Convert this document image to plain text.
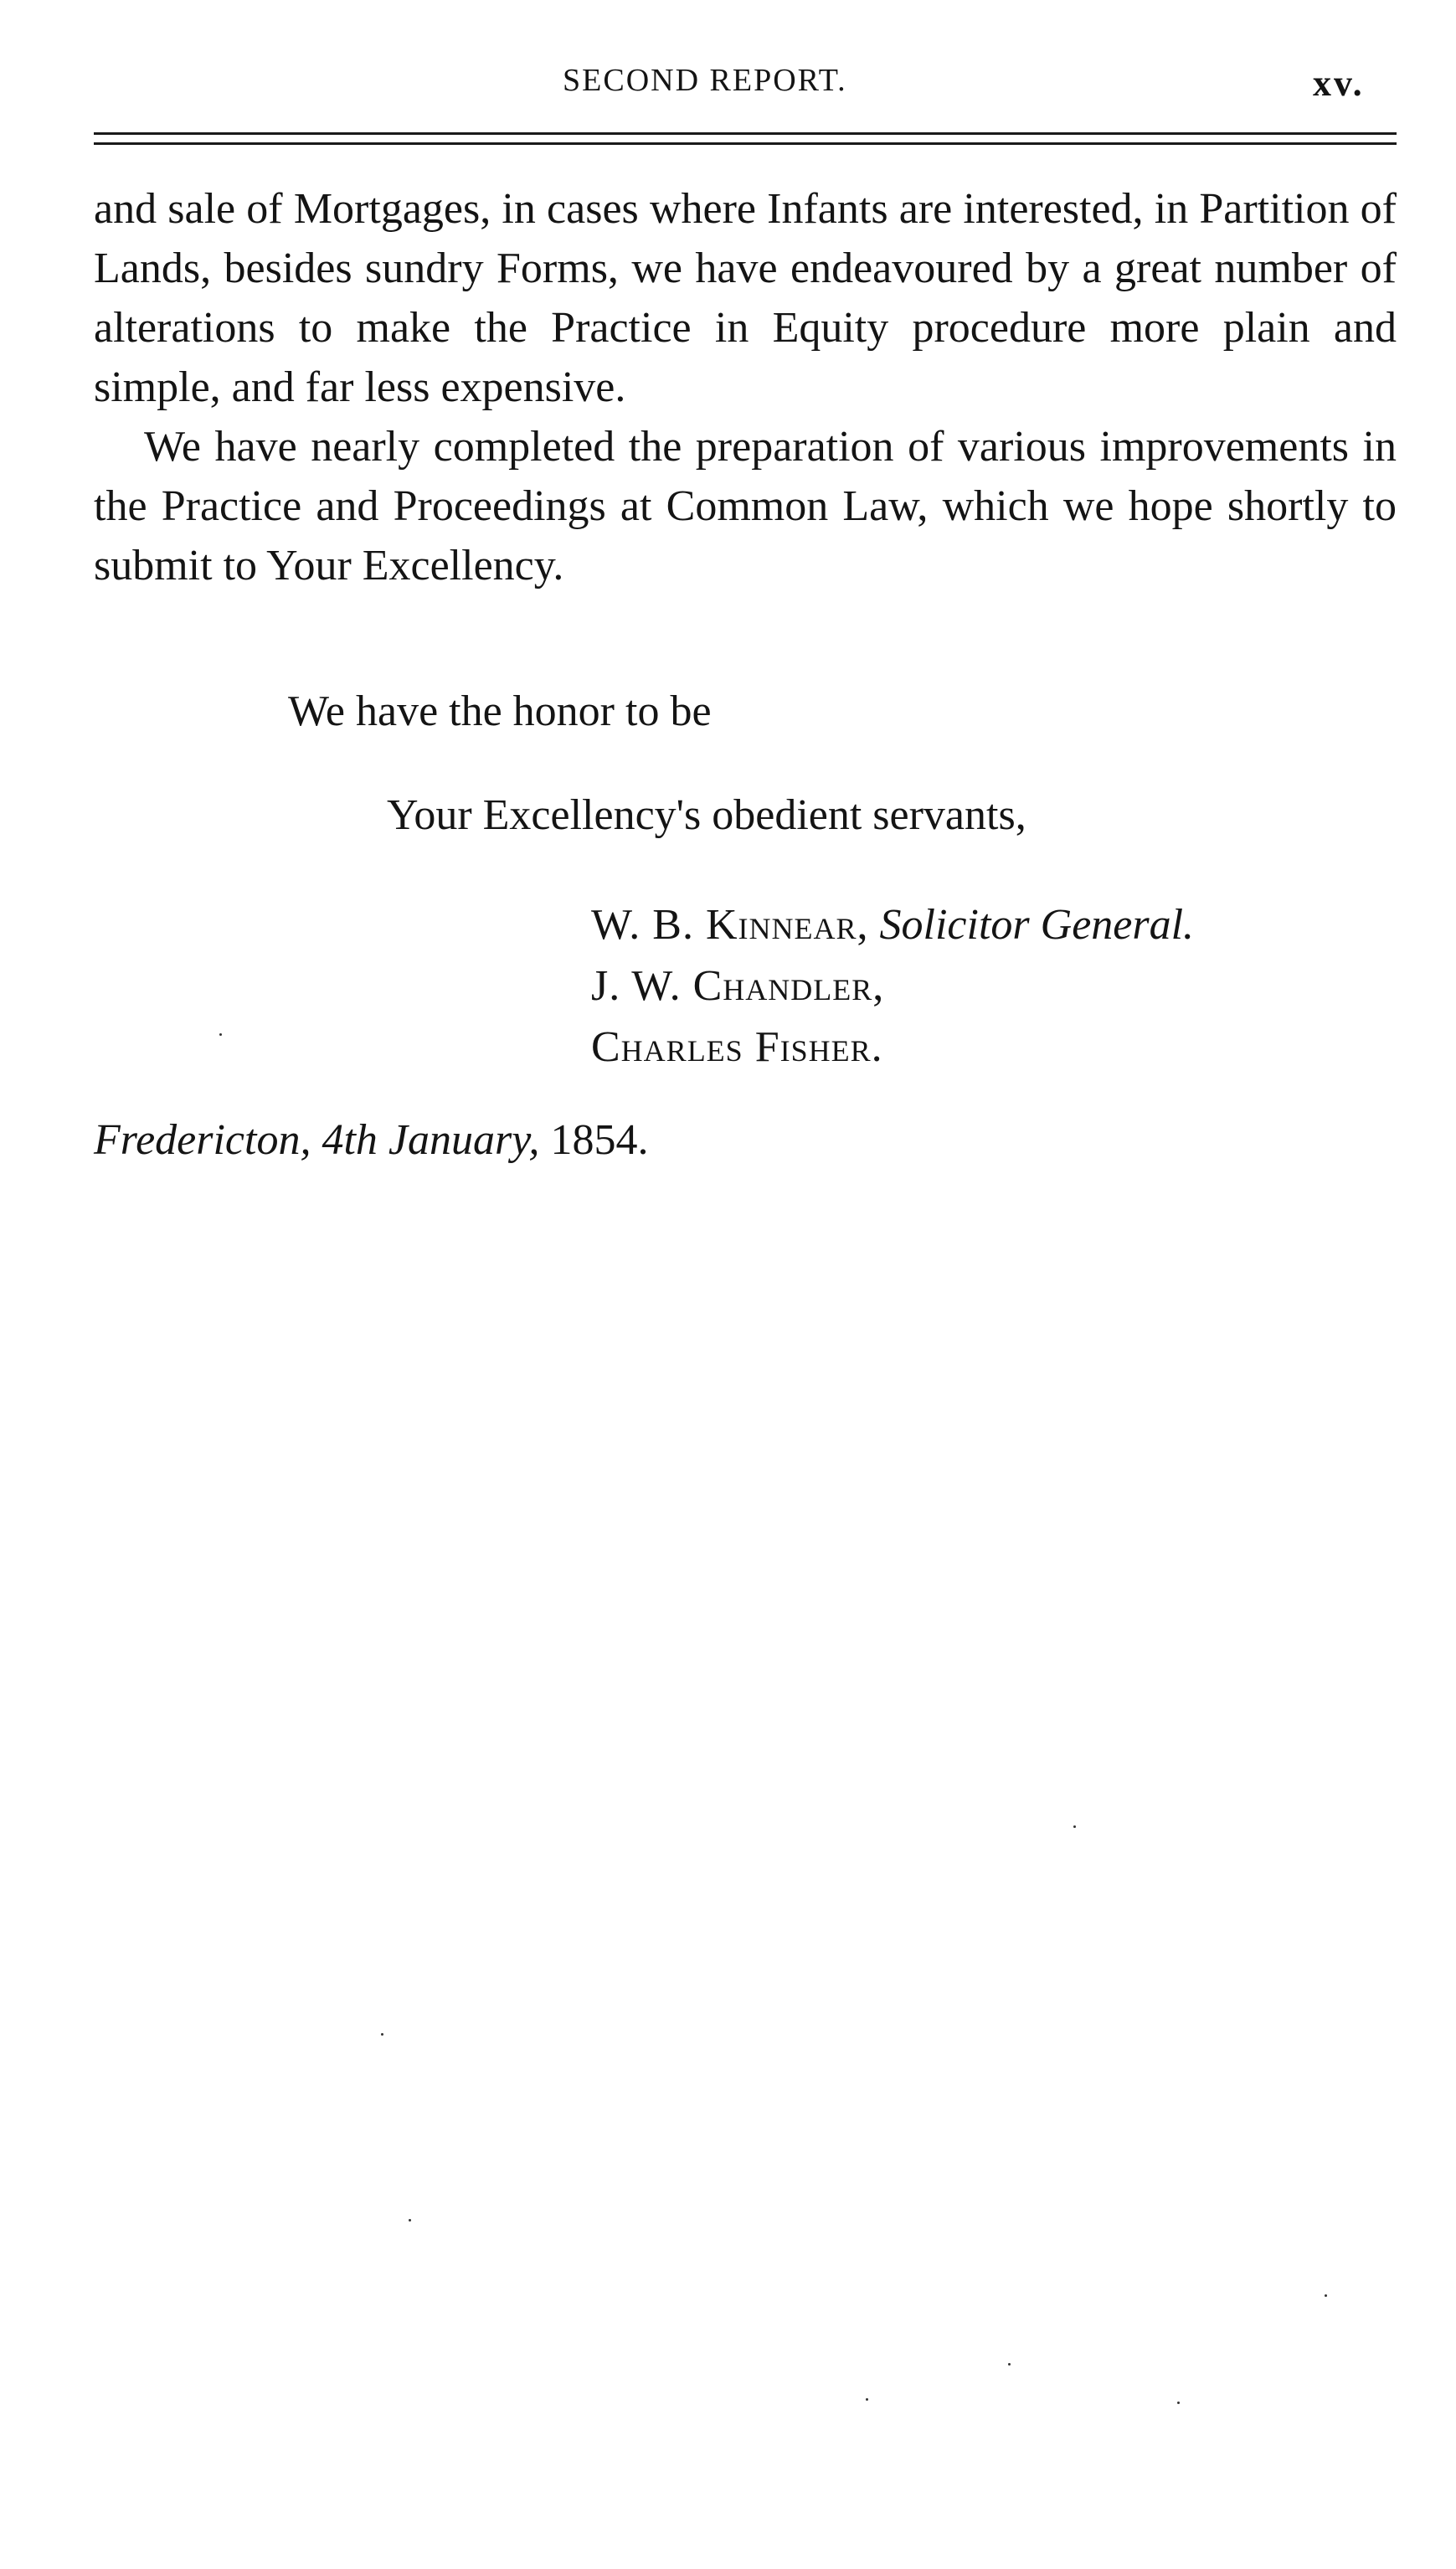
SECOND REPORT.	xv.

and sale of Mortgages, in cases where Infants are interested, in Partition of Lands, besides sundry Forms, we have endeavoured by a great number of alterations to make the Practice in Equity procedure more plain and simple, and far less expensive.

We have nearly completed the preparation of various improvements in the Practice and Proceedings at Common Law, which we hope shortly to submit to Your Excellency.

We have the honor to be
Your Excellency's obedient servants,
W. B. Kinnear, Solicitor General.
J. W. Chandler,
Charles Fisher.
Fredericton, 4th January, 1854.
